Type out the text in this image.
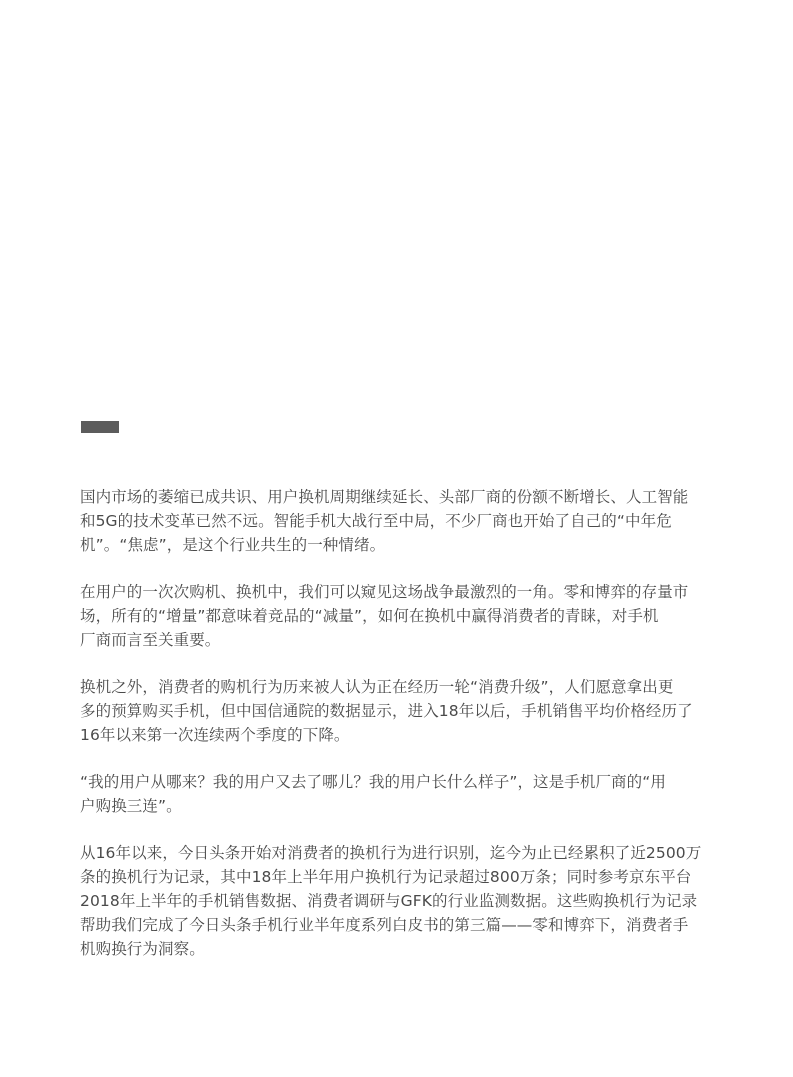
国内市场的萎缩已成共识、用户换机周期继续延长、头部厂商的份额不断增长、人工智能
和5G的技术变革已然不远。智能手机大战行至中局，不少厂商也开始了自己的“中年危
机”。“焦虑”，是这个行业共生的一种情绪。

在用户的一次次购机、换机中，我们可以窥见这场战争最激烈的一角。零和博弈的存量市
场，所有的“增量”都意味着竞品的“减量”，如何在换机中赢得消费者的青睐，对手机
厂商而言至关重要。

换机之外，消费者的购机行为历来被人认为正在经历一轮“消费升级”，人们愿意拿出更
多的预算购买手机，但中国信通院的数据显示，进入18年以后，手机销售平均价格经历了
16年以来第一次连续两个季度的下降。

“我的用户从哪来？我的用户又去了哪儿？我的用户长什么样子”，这是手机厂商的“用
户购换三连”。

从16年以来，今日头条开始对消费者的换机行为进行识别，迄今为止已经累积了近2500万
条的换机行为记录，其中18年上半年用户换机行为记录超过800万条；同时参考京东平台
2018年上半年的手机销售数据、消费者调研与GFK的行业监测数据。这些购换机行为记录
帮助我们完成了今日头条手机行业半年度系列白皮书的第三篇——零和博弈下，消费者手
机购换行为洞察。
